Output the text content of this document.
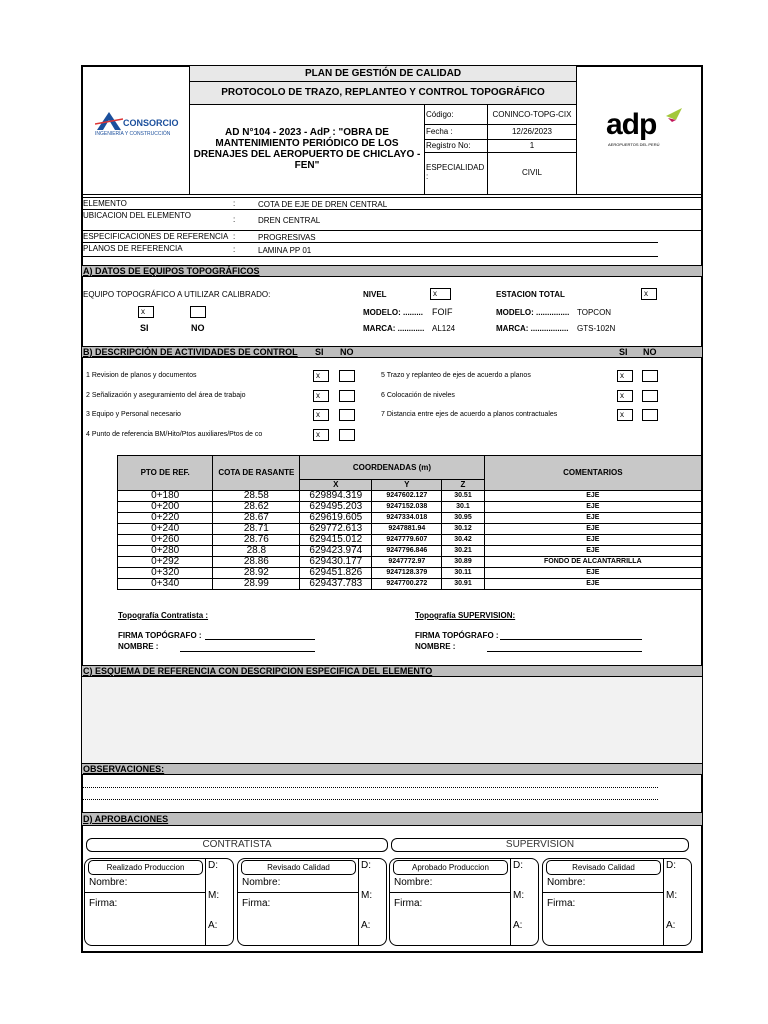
PLAN DE GESTIÓN DE CALIDAD
PROTOCOLO DE TRAZO, REPLANTEO Y CONTROL TOPOGRÁFICO
CONSORCIO
INGENIERÍA Y CONSTRUCCIÓN	AD N°104 - 2023 - AdP : "OBRA DE MANTENIMIENTO PERIÓDICO DE LOS DRENAJES DEL AEROPUERTO DE CHICLAYO - FEN"
Código:	CONINCO-TOPG-CIX
Fecha :	12/26/2023
Registro No:	1
ESPECIALIDAD :	CIVIL
adp
AEROPUERTOS DEL PERÚ
ELEMENTO	:	COTA DE EJE DE DREN CENTRAL
UBICACION DEL ELEMENTO	:	DREN CENTRAL
ESPECIFICACIONES DE REFERENCIA :	PROGRESIVAS
PLANOS DE REFERENCIA	:	LAMINA PP 01
A) DATOS DE EQUIPOS TOPOGRÁFICOS
EQUIPO TOPOGRÁFICO A UTILIZAR CALIBRADO:
x
SI	NO
NIVEL	x
MODELO: ......... FOIF
MARCA: ............ AL124
ESTACION TOTAL	x
MODELO: ............... TOPCON
MARCA: ................. GTS-102N
B) DESCRIPCIÓN DE ACTIVIDADES DE CONTROL SI NO	SI NO
1 Revision de planos y documentos	x
2 Señalización y aseguramiento del área de trabajo	x
3 Equipo y Personal necesario	x
4 Punto de referencia BM/Hito/Ptos auxiliares/Ptos de co	x
5 Trazo y replanteo de ejes de acuerdo a planos	x
6 Colocación de niveles	x
7 Distancia entre ejes de acuerdo a planos contractuales	x
PTO DE REF.	COTA DE RASANTE	COORDENADAS (m)			COMENTARIOS
		X	Y	Z	
0+180	28.58	629894.319	9247602.127	30.51	EJE
0+200	28.62	629495.203	9247152.038	30.1	EJE
0+220	28.67	629619.605	9247334.018	30.95	EJE
0+240	28.71	629772.613	9247881.94	30.12	EJE
0+260	28.76	629415.012	9247779.607	30.42	EJE
0+280	28.8	629423.974	9247796.846	30.21	EJE
0+292	28.86	629430.177	9247772.97	30.89	FONDO DE ALCANTARRILLA
0+320	28.92	629451.826	9247128.379	30.11	EJE
0+340	28.99	629437.783	9247700.272	30.91	EJE
Topografía Contratista :
FIRMA TOPÓGRAFO :
NOMBRE :
Topografía SUPERVISION:
FIRMA TOPÓGRAFO :
NOMBRE :
C) ESQUEMA DE REFERENCIA CON DESCRIPCION ESPECIFICA DEL ELEMENTO
OBSERVACIONES:
D) APROBACIONES
CONTRATISTA	SUPERVISION
Realizado Produccion
Nombre:
Firma:
D:
M:
A:
Revisado Calidad
Nombre:
Firma:
D:
M:
A:
Aprobado Produccion
Nombre:
Firma:
D:
M:
A:
Revisado Calidad
Nombre:
Firma:
D:
M:
A:
